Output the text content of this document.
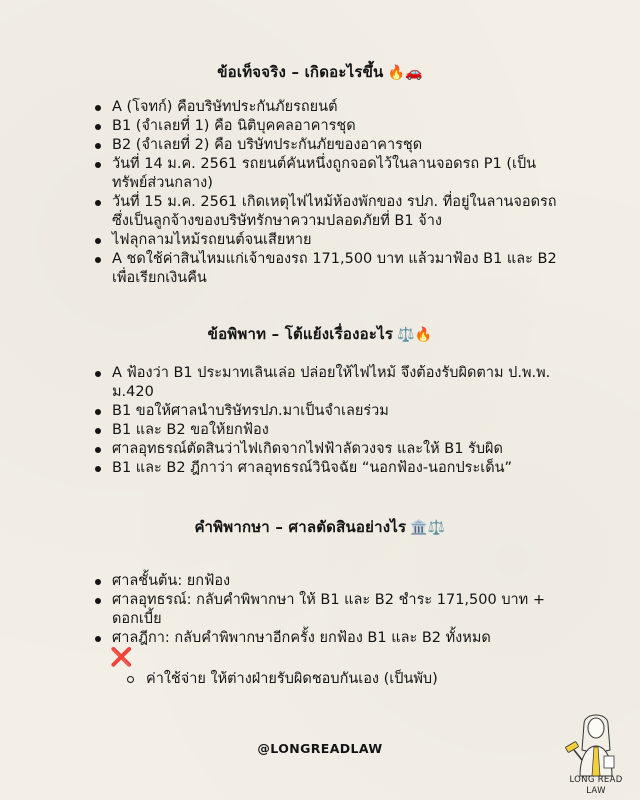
ข้อเท็จจริง – เกิดอะไรขึ้น 🔥🚗
A (โจทก์) คือบริษัทประกันภัยรถยนต์
B1 (จำเลยที่ 1) คือ นิติบุคคลอาคารชุด
B2 (จำเลยที่ 2) คือ บริษัทประกันภัยของอาคารชุด
วันที่ 14 ม.ค. 2561 รถยนต์คันหนึ่งถูกจอดไว้ในลานจอดรถ P1 (เป็นทรัพย์ส่วนกลาง)
วันที่ 15 ม.ค. 2561 เกิดเหตุไฟไหม้ห้องพักของ รปภ. ที่อยู่ในลานจอดรถ ซึ่งเป็นลูกจ้างของบริษัทรักษาความปลอดภัยที่ B1 จ้าง
ไฟลุกลามไหม้รถยนต์จนเสียหาย
A ชดใช้ค่าสินไหมแก่เจ้าของรถ 171,500 บาท แล้วมาฟ้อง B1 และ B2 เพื่อเรียกเงินคืน
ข้อพิพาท – โต้แย้งเรื่องอะไร ⚖️🔥
A ฟ้องว่า B1 ประมาทเลินเล่อ ปล่อยให้ไฟไหม้ จึงต้องรับผิดตาม ป.พ.พ. ม.420
B1 ขอให้ศาลนำบริษัทรปภ.มาเป็นจำเลยร่วม
B1 และ B2 ขอให้ยกฟ้อง
ศาลอุทธรณ์ตัดสินว่าไฟเกิดจากไฟฟ้าลัดวงจร และให้ B1 รับผิด
B1 และ B2 ฎีกาว่า ศาลอุทธรณ์วินิจฉัย “นอกฟ้อง-นอกประเด็น”
คำพิพากษา – ศาลตัดสินอย่างไร 🏛️⚖️
ศาลชั้นต้น: ยกฟ้อง
ศาลอุทธรณ์: กลับคำพิพากษา ให้ B1 และ B2 ชำระ 171,500 บาท + ดอกเบี้ย
ศาลฎีกา: กลับคำพิพากษาอีกครั้ง ยกฟ้อง B1 และ B2 ทั้งหมด
❌
ค่าใช้จ่าย ให้ต่างฝ่ายรับผิดชอบกันเอง (เป็นพับ)
@LONGREADLAW
LONG READ
LAW
